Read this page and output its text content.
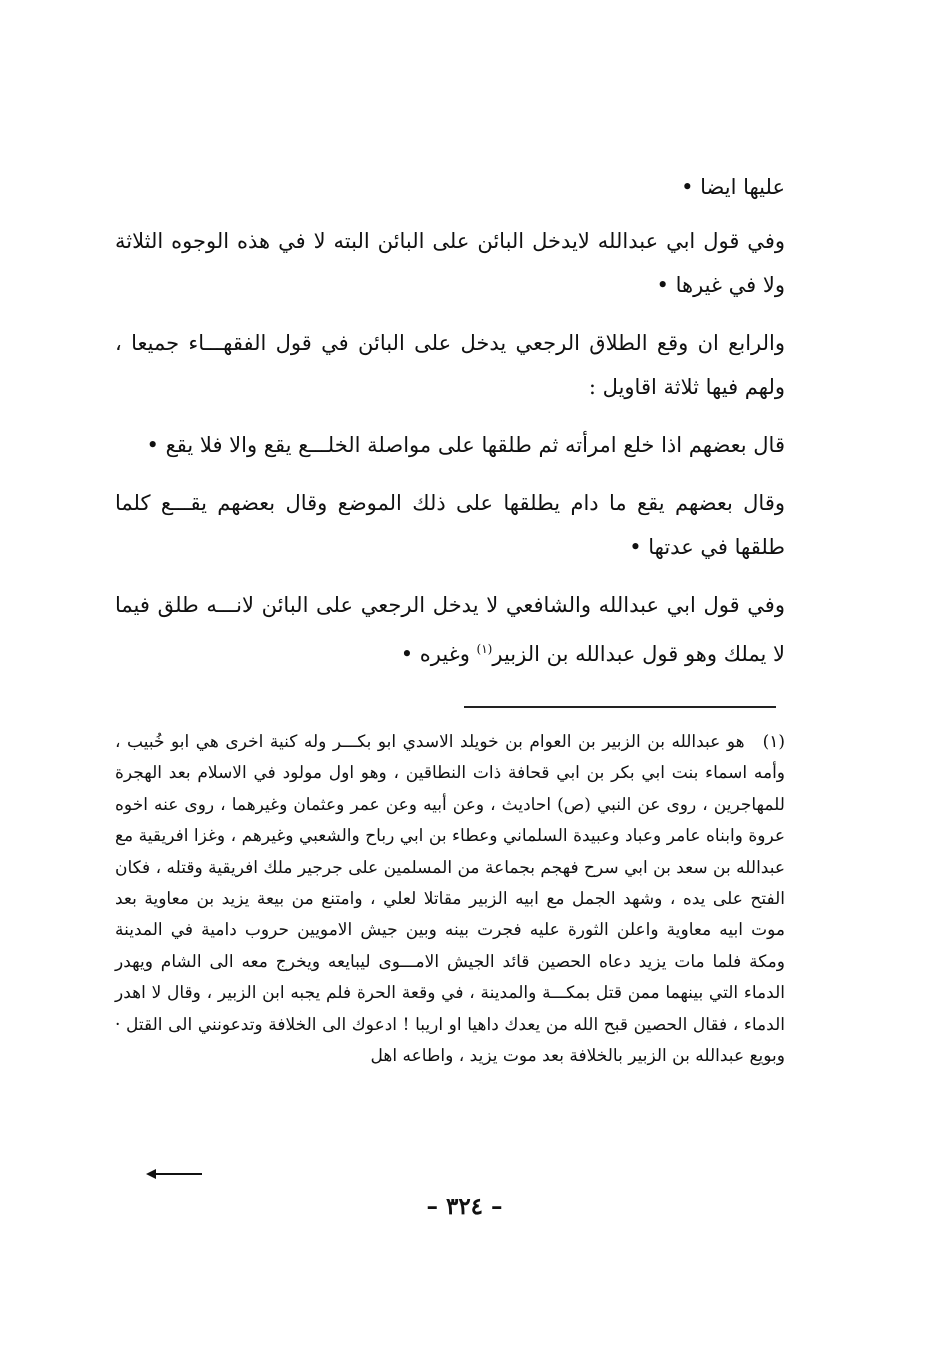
عليها ايضا •

وفي قول ابي عبدالله لايدخل البائن على البائن البته لا في هذه الوجوه الثلاثة ولا في غيرها •

والرابع ان وقع الطلاق الرجعي يدخل على البائن في قول الفقهـــاء جميعا ، ولهم فيها ثلاثة اقاويل :

قال بعضهم اذا خلع امرأته ثم طلقها على مواصلة الخلـــع يقع والا فلا يقع •

وقال بعضهم يقع ما دام يطلقها على ذلك الموضع وقال بعضهم يقـــع كلما طلقها في عدتها •

وفي قول ابي عبدالله والشافعي لا يدخل الرجعي على البائن لانـــه طلق فيما لا يملك وهو قول عبدالله بن الزبير$^{(١)}$ وغيره •

(١)هو عبدالله بن الزبير بن العوام بن خويلد الاسدي ابو بكـــر وله كنية اخرى هي ابو خُبيب ، وأمه اسماء بنت ابي بكر بن ابي قحافة ذات النطاقين ، وهو اول مولود في الاسلام بعد الهجرة للمهاجرين ، روى عن النبي (ص) احاديث ، وعن أبيه وعن عمر وعثمان وغيرهما ، روى عنه اخوه عروة وابناه عامر وعباد وعبيدة السلماني وعطاء بن ابي رباح والشعبي وغيرهم ، وغزا افريقية مع عبدالله بن سعد بن ابي سرح فهجم بجماعة من المسلمين على جرجير ملك افريقية وقتله ، فكان الفتح على يده ، وشهد الجمل مع ابيه الزبير مقاتلا لعلي ، وامتنع من بيعة يزيد بن معاوية بعد موت ابيه معاوية واعلن الثورة عليه فجرت بينه وبين جيش الامويين حروب دامية في المدينة ومكة فلما مات يزيد دعاه الحصين قائد الجيش الامـــوى ليبايعه ويخرج معه الى الشام ويهدر الدماء التي بينهما ممن قتل بمكـــة والمدينة ، في وقعة الحرة فلم يجبه ابن الزبير ، وقال لا اهدر الدماء ، فقال الحصين قبح الله من يعدك داهيا او اريبا ! ادعوك الى الخلافة وتدعونني الى القتل · وبويع عبدالله بن الزبير بالخلافة بعد موت يزيد ، واطاعه اهل

– ٣٢٤ –
